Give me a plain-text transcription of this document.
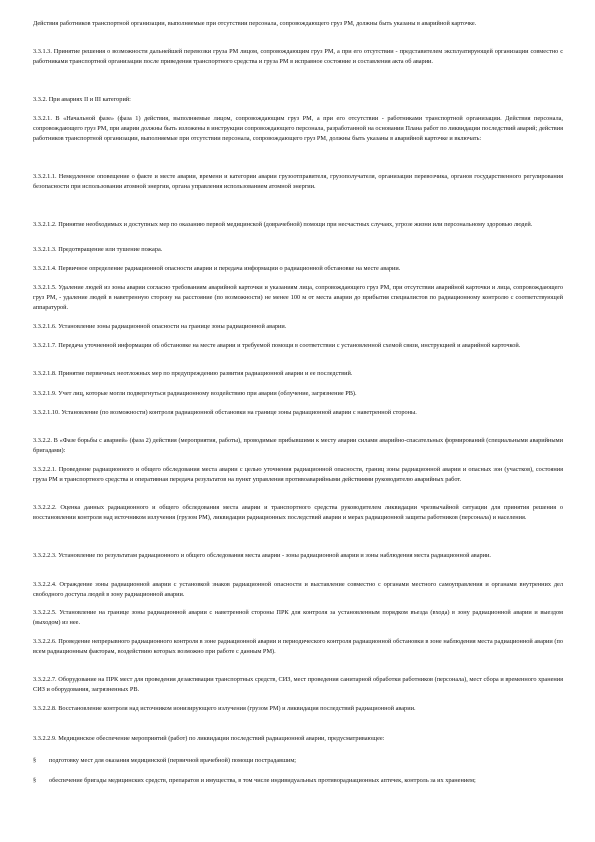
Действия работников транспортной организации, выполняемые при отсутствии персонала, сопровождающего груз РМ, должны быть указаны в аварийной карточке.

3.3.1.3. Принятие решения о возможности дальнейшей перевозки груза РМ лицом, сопровождающим груз РМ, а при его отсутствии - представителем эксплуатирующей организации совместно с работниками транспортной организации после приведения транспортного средства и груза РМ в исправное состояние и составления акта об аварии.

3.3.2. При авариях II и III категорий:

3.3.2.1. В «Начальной фазе» (фаза 1) действия, выполняемые лицом, сопровождающим груз РМ, а при его отсутствии - работниками транспортной организации. Действия персонала, сопровождающего груз РМ, при аварии должны быть изложены в инструкции сопровождающего персонала, разработанной на основании Плана работ по ликвидации последствий аварий; действия работников транспортной организации, выполняемые при отсутствии персонала, сопровождающего груз РМ, должны быть указаны в аварийной карточке и включать:

3.3.2.1.1. Немедленное оповещение о факте и месте аварии, времени и категории аварии грузоотправителя, грузополучателя, организации перевозчика, органов государственного регулирования безопасности при использовании атомной энергии, органа управления использованием атомной энергии.

3.3.2.1.2. Принятие необходимых и доступных мер по оказанию первой медицинской (доврачебной) помощи при несчастных случаях, угрозе жизни или персональному здоровью людей.

3.3.2.1.3. Предотвращение или тушение пожара.

3.3.2.1.4. Первичное определение радиационной опасности аварии и передача информации о радиационной обстановке на месте аварии.

3.3.2.1.5. Удаление людей из зоны аварии согласно требованиям аварийной карточки и указаниям лица, сопровождающего груз РМ, при отсутствии аварийной карточки и лица, сопровождающего груз РМ, - удаление людей в наветренную сторону на расстояние (по возможности) не менее 100 м от места аварии до прибытия специалистов по радиационному контролю с соответствующей аппаратурой.

3.3.2.1.6. Установление зоны радиационной опасности на границе зоны радиационной аварии.

3.3.2.1.7. Передача уточненной информации об обстановке на месте аварии и требуемой помощи в соответствии с установленной схемой связи, инструкцией и аварийной карточкой.

3.3.2.1.8. Принятие первичных неотложных мер по предупреждению развития радиационной аварии и ее последствий.

3.3.2.1.9. Учет лиц, которые могли подвергнуться радиационному воздействию при аварии (облучение, загрязнение РВ).

3.3.2.1.10. Установление (по возможности) контроля радиационной обстановки на границе зоны радиационной аварии с наветренной стороны.

3.3.2.2. В «Фазе борьбы с аварией» (фаза 2) действия (мероприятия, работы), проводимые прибывшими к месту аварии силами аварийно-спасательных формирований (специальными аварийными бригадами):

3.3.2.2.1. Проведение радиационного и общего обследования места аварии с целью уточнения радиационной опасности, границ зоны радиационной аварии и опасных зон (участков), состояния груза РМ и транспортного средства и оперативная передача результатов на пункт управления противоаварийными действиями руководителю аварийных работ.

3.3.2.2.2. Оценка данных радиационного и общего обследования места аварии и транспортного средства руководителем ликвидации чрезвычайной ситуации для принятия решения о восстановлении контроля над источником излучения (грузом РМ), ликвидации радиационных последствий аварии и мерах радиационной защиты работников (персонала) и населения.

3.3.2.2.3. Установление по результатам радиационного и общего обследования места аварии - зоны радиационной аварии и зоны наблюдения места радиационной аварии.

3.3.2.2.4. Ограждение зоны радиационной аварии с установкой знаков радиационной опасности и выставление совместно с органами местного самоуправления и органами внутренних дел свободного доступа людей в зону радиационной аварии.

3.3.2.2.5. Установление на границе зоны радиационной аварии с наветренной стороны ПРК для контроля за установленным порядком въезда (входа) в зону радиационной аварии и выездом (выходом) из нее.

3.3.2.2.6. Проведение непрерывного радиационного контроля в зоне радиационной аварии и периодического контроля радиационной обстановки в зоне наблюдения места радиационной аварии (по всем радиационным факторам, воздействию которых возможно при работе с данным РМ).

3.3.2.2.7. Оборудование на ПРК мест для проведения дезактивации транспортных средств, СИЗ, мест проведения санитарной обработки работников (персонала), мест сбора и временного хранения СИЗ и оборудования, загрязненных РВ.

3.3.2.2.8. Восстановление контроля над источником ионизирующего излучения (грузом РМ) и ликвидация последствий радиационной аварии.

3.3.2.2.9. Медицинское обеспечение мероприятий (работ) по ликвидации последствий радиационной аварии, предусматривающее:

§ подготовку мест для оказания медицинской (первичной врачебной) помощи пострадавшим;

§ обеспечение бригады медицинских средств, препаратов и имущества, в том числе индивидуальных противорадиационных аптечек, контроль за их хранением;
